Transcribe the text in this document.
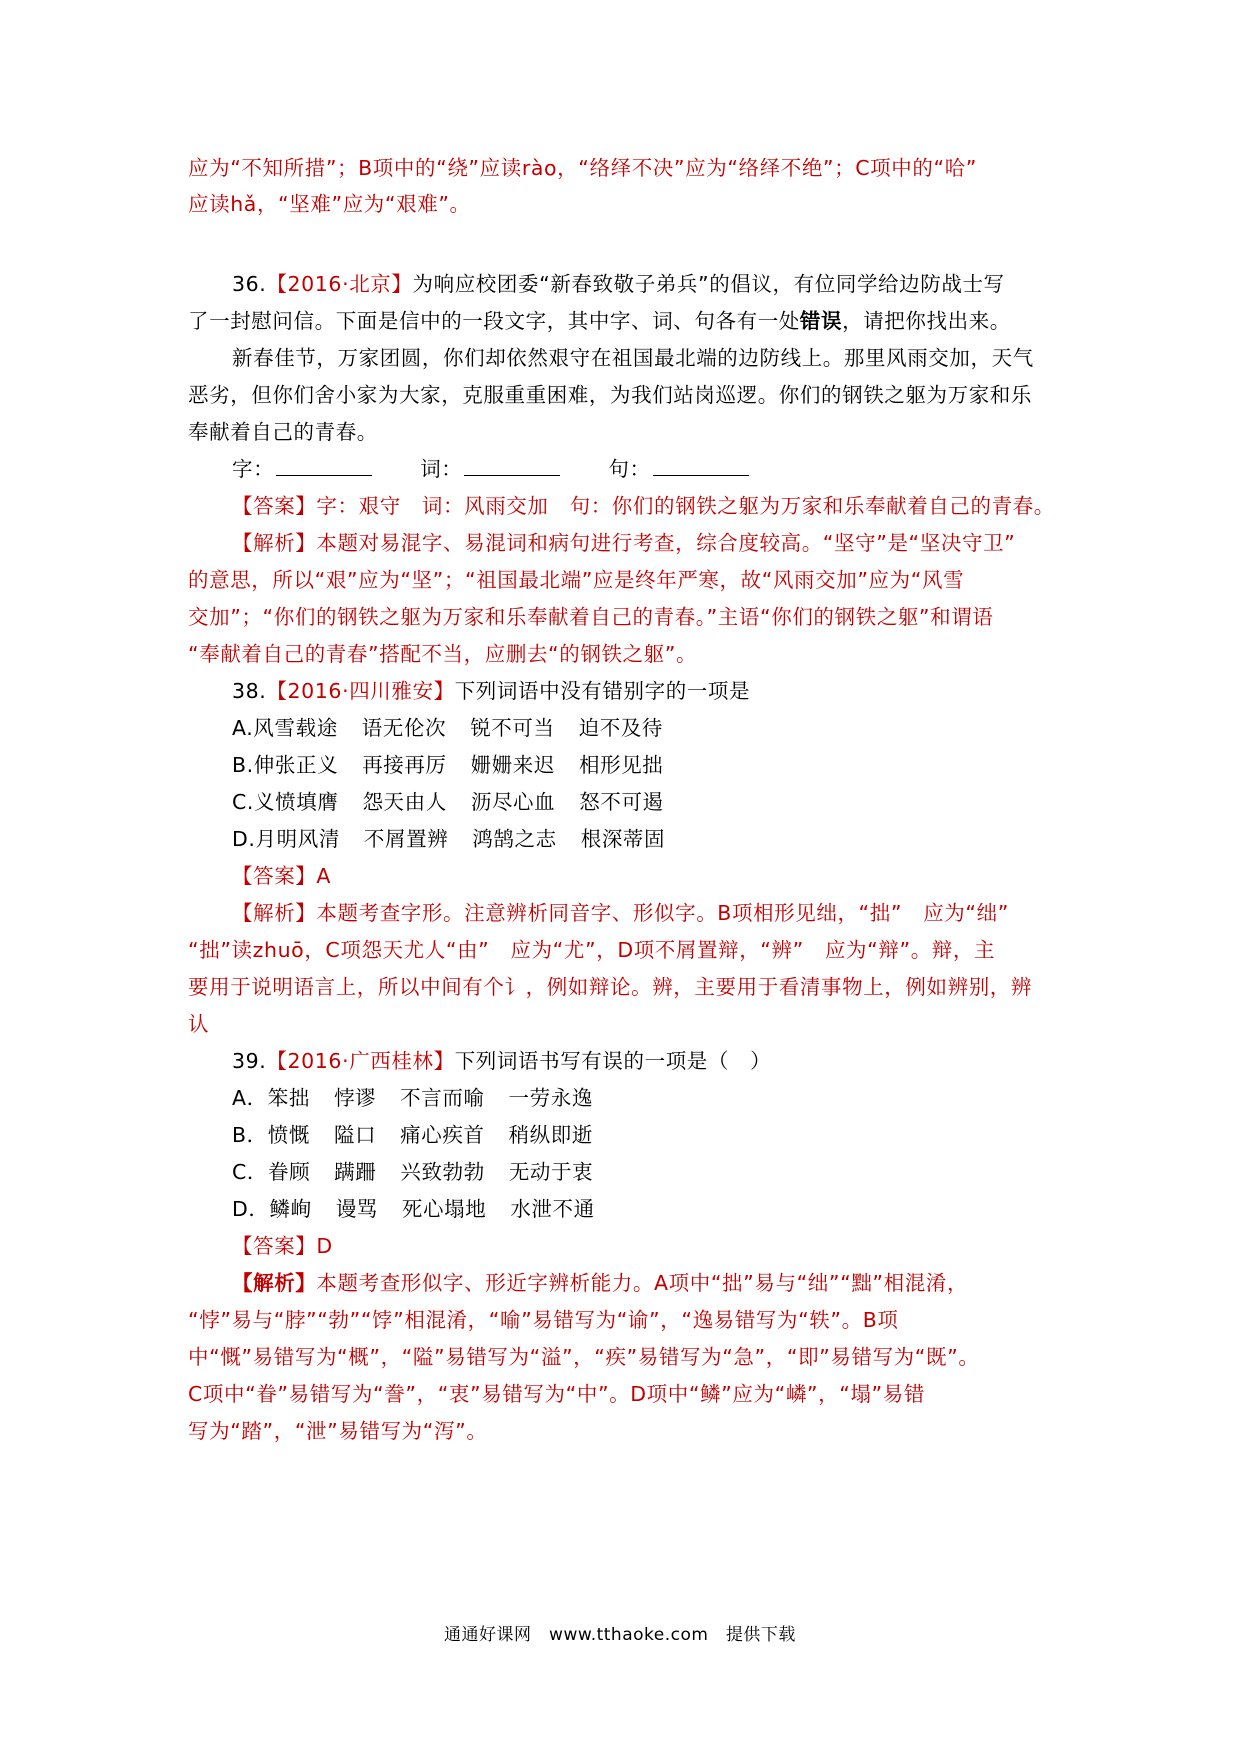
应为“不知所措”；B项中的“绕”应读ràο，“络绎不决”应为“络绎不绝”；C项中的“哈”
应读hǎ，“坚难”应为“艰难”。
36.【2016·北京】为响应校团委“新春致敬子弟兵”的倡议，有位同学给边防战士写
了一封慰问信。下面是信中的一段文字，其中字、词、句各有一处错误，请把你找出来。
新春佳节，万家团圆，你们却依然艰守在祖国最北端的边防线上。那里风雨交加，天气
恶劣，但你们舍小家为大家，克服重重困难，为我们站岗巡逻。你们的钢铁之躯为万家和乐
奉献着自己的青春。
字：	词：	句：
【答案】字：艰守　词：风雨交加　句：你们的钢铁之躯为万家和乐奉献着自己的青春。
【解析】本题对易混字、易混词和病句进行考查，综合度较高。“坚守”是“坚决守卫”
的意思，所以“艰”应为“坚”；“祖国最北端”应是终年严寒，故“风雨交加”应为“风雪
交加”；“你们的钢铁之躯为万家和乐奉献着自己的青春。”主语“你们的钢铁之躯”和谓语
“奉献着自己的青春”搭配不当，应删去“的钢铁之躯”。
38.【2016·四川雅安】下列词语中没有错别字的一项是
A.风雪载途 语无伦次 锐不可当 迫不及待
B.伸张正义 再接再厉 姗姗来迟 相形见拙
C.义愤填膺 怨天由人 沥尽心血 怒不可遏
D.月明风清 不屑置辨 鸿鹄之志 根深蒂固
【答案】A
【解析】本题考查字形。注意辨析同音字、形似字。B项相形见绌，“拙”　应为“绌”
“拙”读zhuō，C项怨天尤人“由”　应为“尤”，D项不屑置辩，“辨”　应为“辩”。辩，主
要用于说明语言上，所以中间有个讠，例如辩论。辨，主要用于看清事物上，例如辨别，辨
认
39.【2016·广西桂林】下列词语书写有误的一项是（　）
A．笨拙 悖谬 不言而喻 一劳永逸
B．愤慨 隘口 痛心疾首 稍纵即逝
C．眷顾 蹒跚 兴致勃勃 无动于衷
D．鳞峋 谩骂 死心塌地 水泄不通
【答案】D
【解析】本题考查形似字、形近字辨析能力。A项中“拙”易与“绌”“黜”相混淆，
“悖”易与“脖”“勃”“饽”相混淆，“喻”易错写为“谕”，“逸易错写为“轶”。B项
中“慨”易错写为“概”，“隘”易错写为“溢”，“疾”易错写为“急”，“即”易错写为“既”。
C项中“眷”易错写为“誊”，“衷”易错写为“中”。D项中“鳞”应为“嶙”，“塌”易错
写为“踏”，“泄”易错写为“泻”。
通通好课网　www.tthaoke.com　提供下载
